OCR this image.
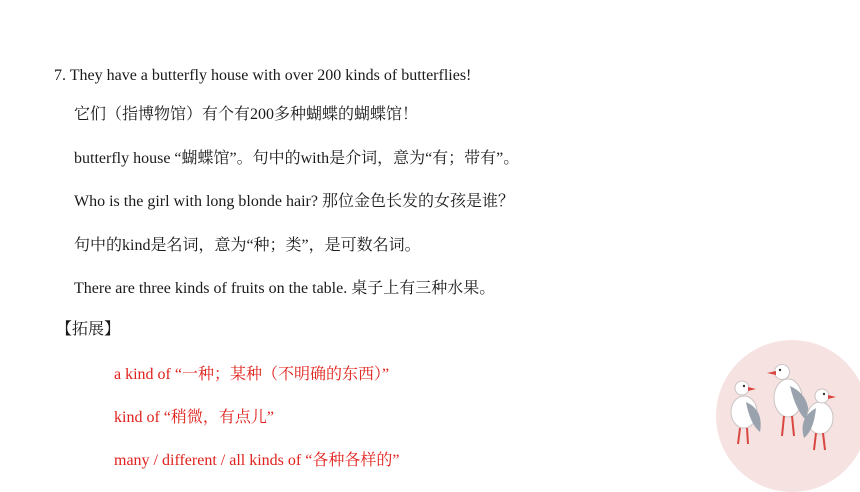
7. They have a butterfly house with over 200 kinds of butterflies!
它们（指博物馆）有个有200多种蝴蝶的蝴蝶馆！
butterfly house “蝴蝶馆”。句中的with是介词，意为“有；带有”。
Who is the girl with long blonde hair? 那位金色长发的女孩是谁？
句中的kind是名词，意为“种；类”，是可数名词。
There are three kinds of fruits on the table. 桌子上有三种水果。
【拓展】
a kind of “一种；某种（不明确的东西）”
kind of “稍微，有点儿”
many / different / all kinds of “各种各样的”
